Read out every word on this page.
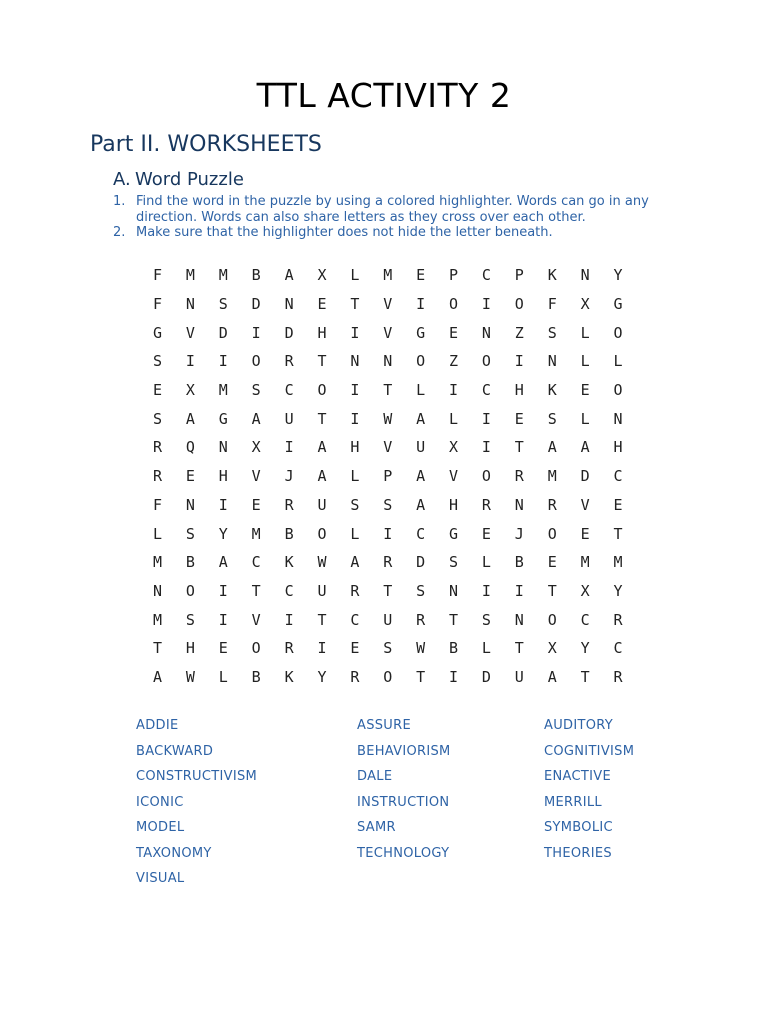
TTL ACTIVITY 2
Part II. WORKSHEETS
A. Word Puzzle
1. Find the word in the puzzle by using a colored highlighter. Words can go in any direction. Words can also share letters as they cross over each other.
2. Make sure that the highlighter does not hide the letter beneath.
F	M	M	B	A	X	L	M	E	P	C	P	K	N	Y
F	N	S	D	N	E	T	V	I	O	I	O	F	X	G
G	V	D	I	D	H	I	V	G	E	N	Z	S	L	O
S	I	I	O	R	T	N	N	O	Z	O	I	N	L	L
E	X	M	S	C	O	I	T	L	I	C	H	K	E	O
S	A	G	A	U	T	I	W	A	L	I	E	S	L	N
R	Q	N	X	I	A	H	V	U	X	I	T	A	A	H
R	E	H	V	J	A	L	P	A	V	O	R	M	D	C
F	N	I	E	R	U	S	S	A	H	R	N	R	V	E
L	S	Y	M	B	O	L	I	C	G	E	J	O	E	T
M	B	A	C	K	W	A	R	D	S	L	B	E	M	M
N	O	I	T	C	U	R	T	S	N	I	I	T	X	Y
M	S	I	V	I	T	C	U	R	T	S	N	O	C	R
T	H	E	O	R	I	E	S	W	B	L	T	X	Y	C
A	W	L	B	K	Y	R	O	T	I	D	U	A	T	R
ADDIE	ASSURE	AUDITORY
BACKWARD	BEHAVIORISM	COGNITIVISM
CONSTRUCTIVISM	DALE	ENACTIVE
ICONIC	INSTRUCTION	MERRILL
MODEL	SAMR	SYMBOLIC
TAXONOMY	TECHNOLOGY	THEORIES
VISUAL
